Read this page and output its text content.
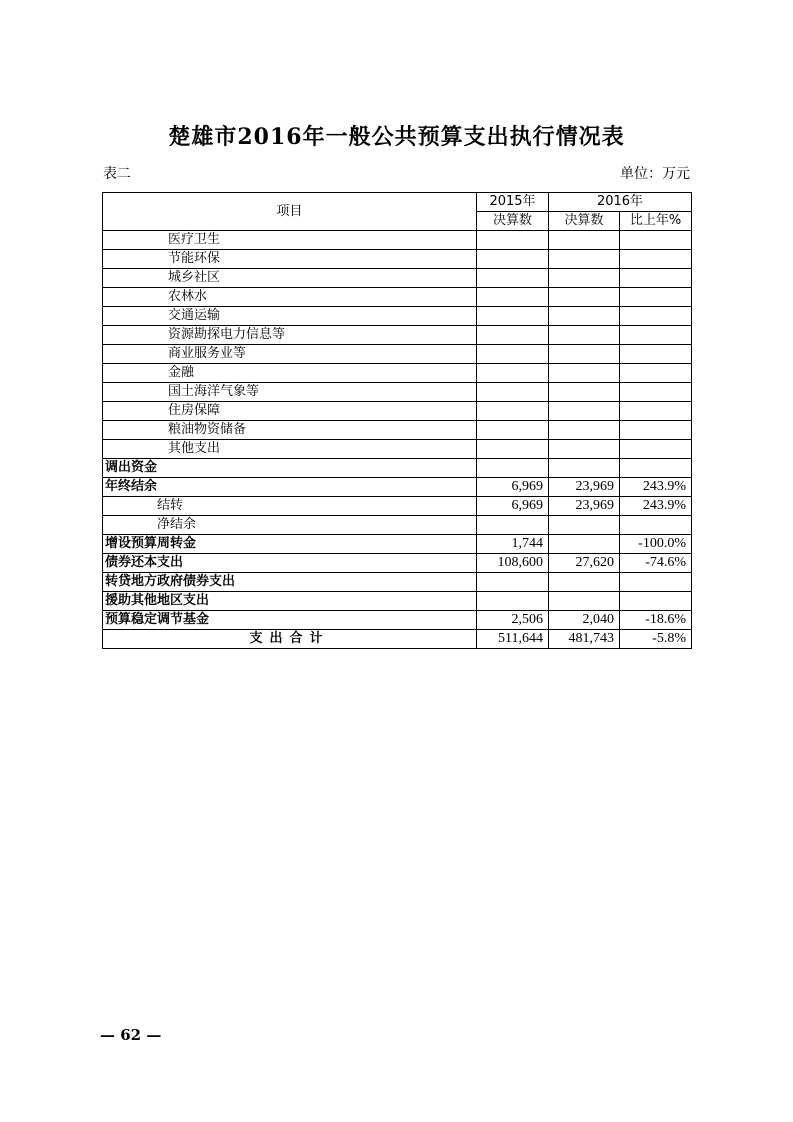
楚雄市2016年一般公共预算支出执行情况表
表二	单位：万元
项目	2015年	2016年	
	决算数	决算数	比上年%
医疗卫生			
节能环保			
城乡社区			
农林水			
交通运输			
资源勘探电力信息等			
商业服务业等			
金融			
国土海洋气象等			
住房保障			
粮油物资储备			
其他支出			
调出资金			
年终结余	6,969	23,969	243.9%
结转	6,969	23,969	243.9%
净结余			
增设预算周转金	1,744		-100.0%
债券还本支出	108,600	27,620	-74.6%
转贷地方政府债券支出			
援助其他地区支出			
预算稳定调节基金	2,506	2,040	-18.6%
支出合计	511,644	481,743	-5.8%
— 62 —
